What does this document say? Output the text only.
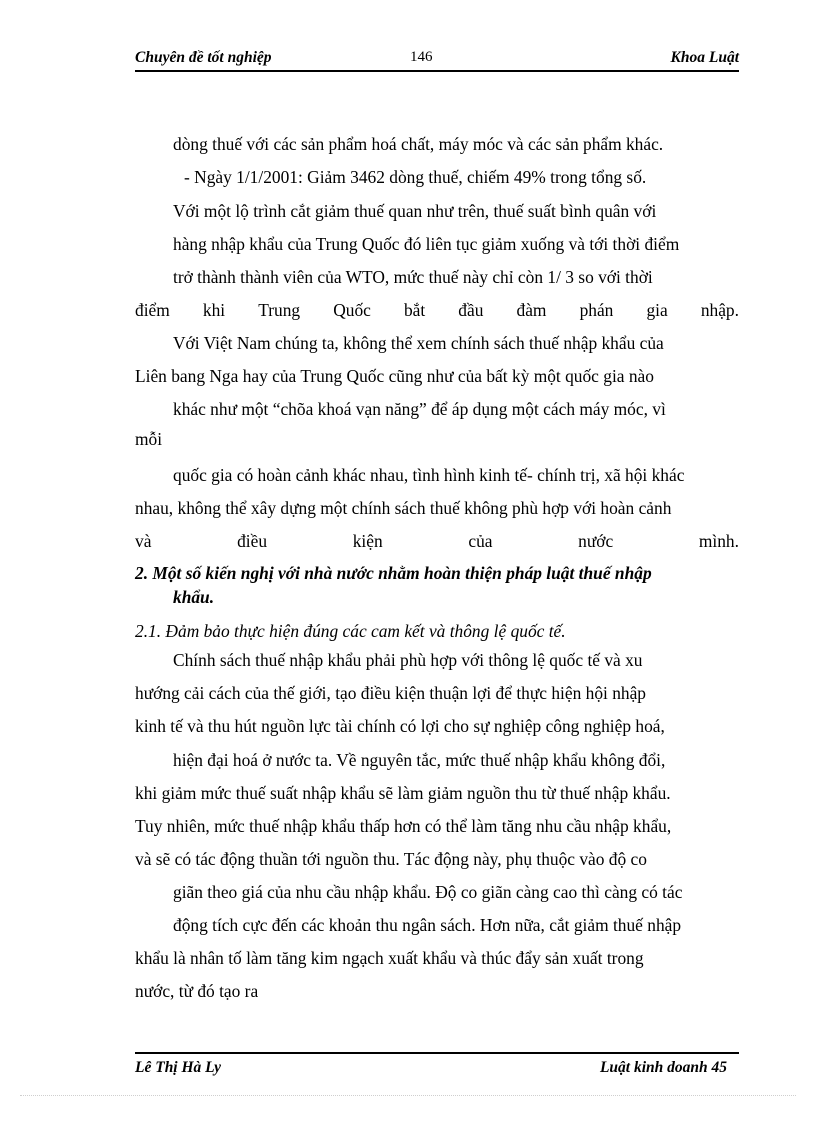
Chuyên đề tốt nghiệp	146	Khoa Luật
dòng thuế với các sản phẩm hoá chất, máy móc và các sản phẩm khác.
- Ngày 1/1/2001: Giảm 3462 dòng thuế, chiếm 49% trong tổng số.
Với một lộ trình cắt giảm thuế quan như trên, thuế suất bình quân với
hàng nhập khẩu của Trung Quốc đó liên tục giảm xuống và tới thời điểm
trở thành thành viên của WTO, mức thuế này chỉ còn 1/ 3 so với thời
điểm khi Trung Quốc bắt đầu đàm phán gia nhập.
Với Việt Nam chúng ta, không thể xem chính sách thuế nhập khẩu của
Liên bang Nga hay của Trung Quốc cũng như của bất kỳ một quốc gia nào
khác như một “chõa khoá vạn năng” để áp dụng một cách máy móc, vì
mỗi
quốc gia có hoàn cảnh khác nhau, tình hình kinh tế- chính trị, xã hội khác
nhau, không thể xây dựng một chính sách thuế không phù hợp với hoàn cảnh
và	điều	kiện	của	nước	mình.
2. Một số kiến nghị với nhà nước nhằm hoàn thiện pháp luật thuế nhập
khẩu.
2.1. Đảm bảo thực hiện đúng các cam kết và thông lệ quốc tế.
Chính sách thuế nhập khẩu phải phù hợp với thông lệ quốc tế và xu
hướng cải cách của thế giới, tạo điều kiện thuận lợi để thực hiện hội nhập
kinh tế và thu hút nguồn lực tài chính có lợi cho sự nghiệp công nghiệp hoá,
hiện đại hoá ở nước ta. Về nguyên tắc, mức thuế nhập khẩu không đổi,
khi giảm mức thuế suất nhập khẩu sẽ làm giảm nguồn thu từ thuế nhập khẩu.
Tuy nhiên, mức thuế nhập khẩu thấp hơn có thể làm tăng nhu cầu nhập khẩu,
và sẽ có tác động thuần tới nguồn thu. Tác động này, phụ thuộc vào độ co
giãn theo giá của nhu cầu nhập khẩu. Độ co giãn càng cao thì càng có tác
động tích cực đến các khoản thu ngân sách. Hơn nữa, cắt giảm thuế nhập
khẩu là nhân tố làm tăng kim ngạch xuất khẩu và thúc đẩy sản xuất trong
nước, từ đó tạo ra
Lê Thị Hà Ly	Luật kinh doanh 45
